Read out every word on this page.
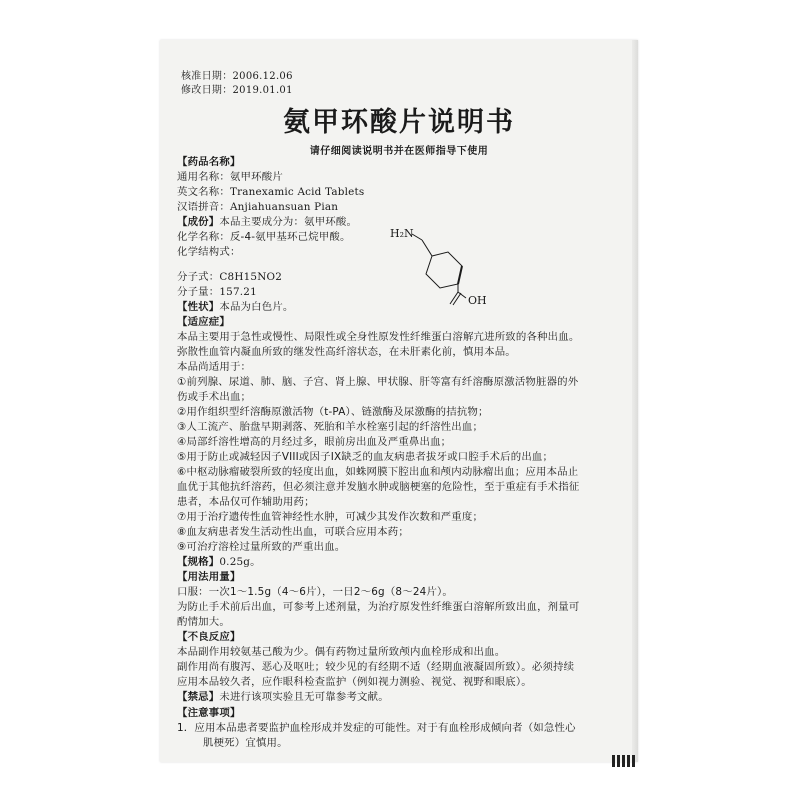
核准日期：2006.12.06
修改日期：2019.01.01
氨甲环酸片说明书
请仔细阅读说明书并在医师指导下使用
【药品名称】
通用名称：氨甲环酸片
英文名称：Tranexamic Acid Tablets
汉语拼音：Anjiahuansuan Pian
【成份】本品主要成分为：氨甲环酸。
化学名称：反-4-氨甲基环己烷甲酸。
化学结构式：
H₂N
OH
分子式：C8H15NO2
分子量：157.21
【性状】本品为白色片。
【适应症】
本品主要用于急性或慢性、局限性或全身性原发性纤维蛋白溶解亢进所致的各种出血。
弥散性血管内凝血所致的继发性高纤溶状态，在未肝素化前，慎用本品。
本品尚适用于：
①前列腺、尿道、肺、脑、子宫、肾上腺、甲状腺、肝等富有纤溶酶原激活物脏器的外
伤或手术出血；
②用作组织型纤溶酶原激活物（t-PA）、链激酶及尿激酶的拮抗物；
③人工流产、胎盘早期剥落、死胎和羊水栓塞引起的纤溶性出血；
④局部纤溶性增高的月经过多，眼前房出血及严重鼻出血；
⑤用于防止或减轻因子VIII或因子IX缺乏的血友病患者拔牙或口腔手术后的出血；
⑥中枢动脉瘤破裂所致的轻度出血，如蛛网膜下腔出血和颅内动脉瘤出血；应用本品止
血优于其他抗纤溶药，但必须注意并发脑水肿或脑梗塞的危险性，至于重症有手术指征
患者，本品仅可作辅助用药；
⑦用于治疗遗传性血管神经性水肿，可减少其发作次数和严重度；
⑧血友病患者发生活动性出血，可联合应用本药；
⑨可治疗溶栓过量所致的严重出血。
【规格】0.25g。
【用法用量】
口服：一次1～1.5g（4～6片），一日2～6g（8～24片）。
为防止手术前后出血，可参考上述剂量，为治疗原发性纤维蛋白溶解所致出血，剂量可
酌情加大。
【不良反应】
本品副作用较氨基己酸为少。偶有药物过量所致颅内血栓形成和出血。
副作用尚有腹泻、恶心及呕吐；较少见的有经期不适（经期血液凝固所致）。必须持续
应用本品较久者，应作眼科检查监护（例如视力测验、视觉、视野和眼底）。
【禁忌】未进行该项实验且无可靠参考文献。
【注意事项】
1．应用本品患者要监护血栓形成并发症的可能性。对于有血栓形成倾向者（如急性心
肌梗死）宜慎用。
